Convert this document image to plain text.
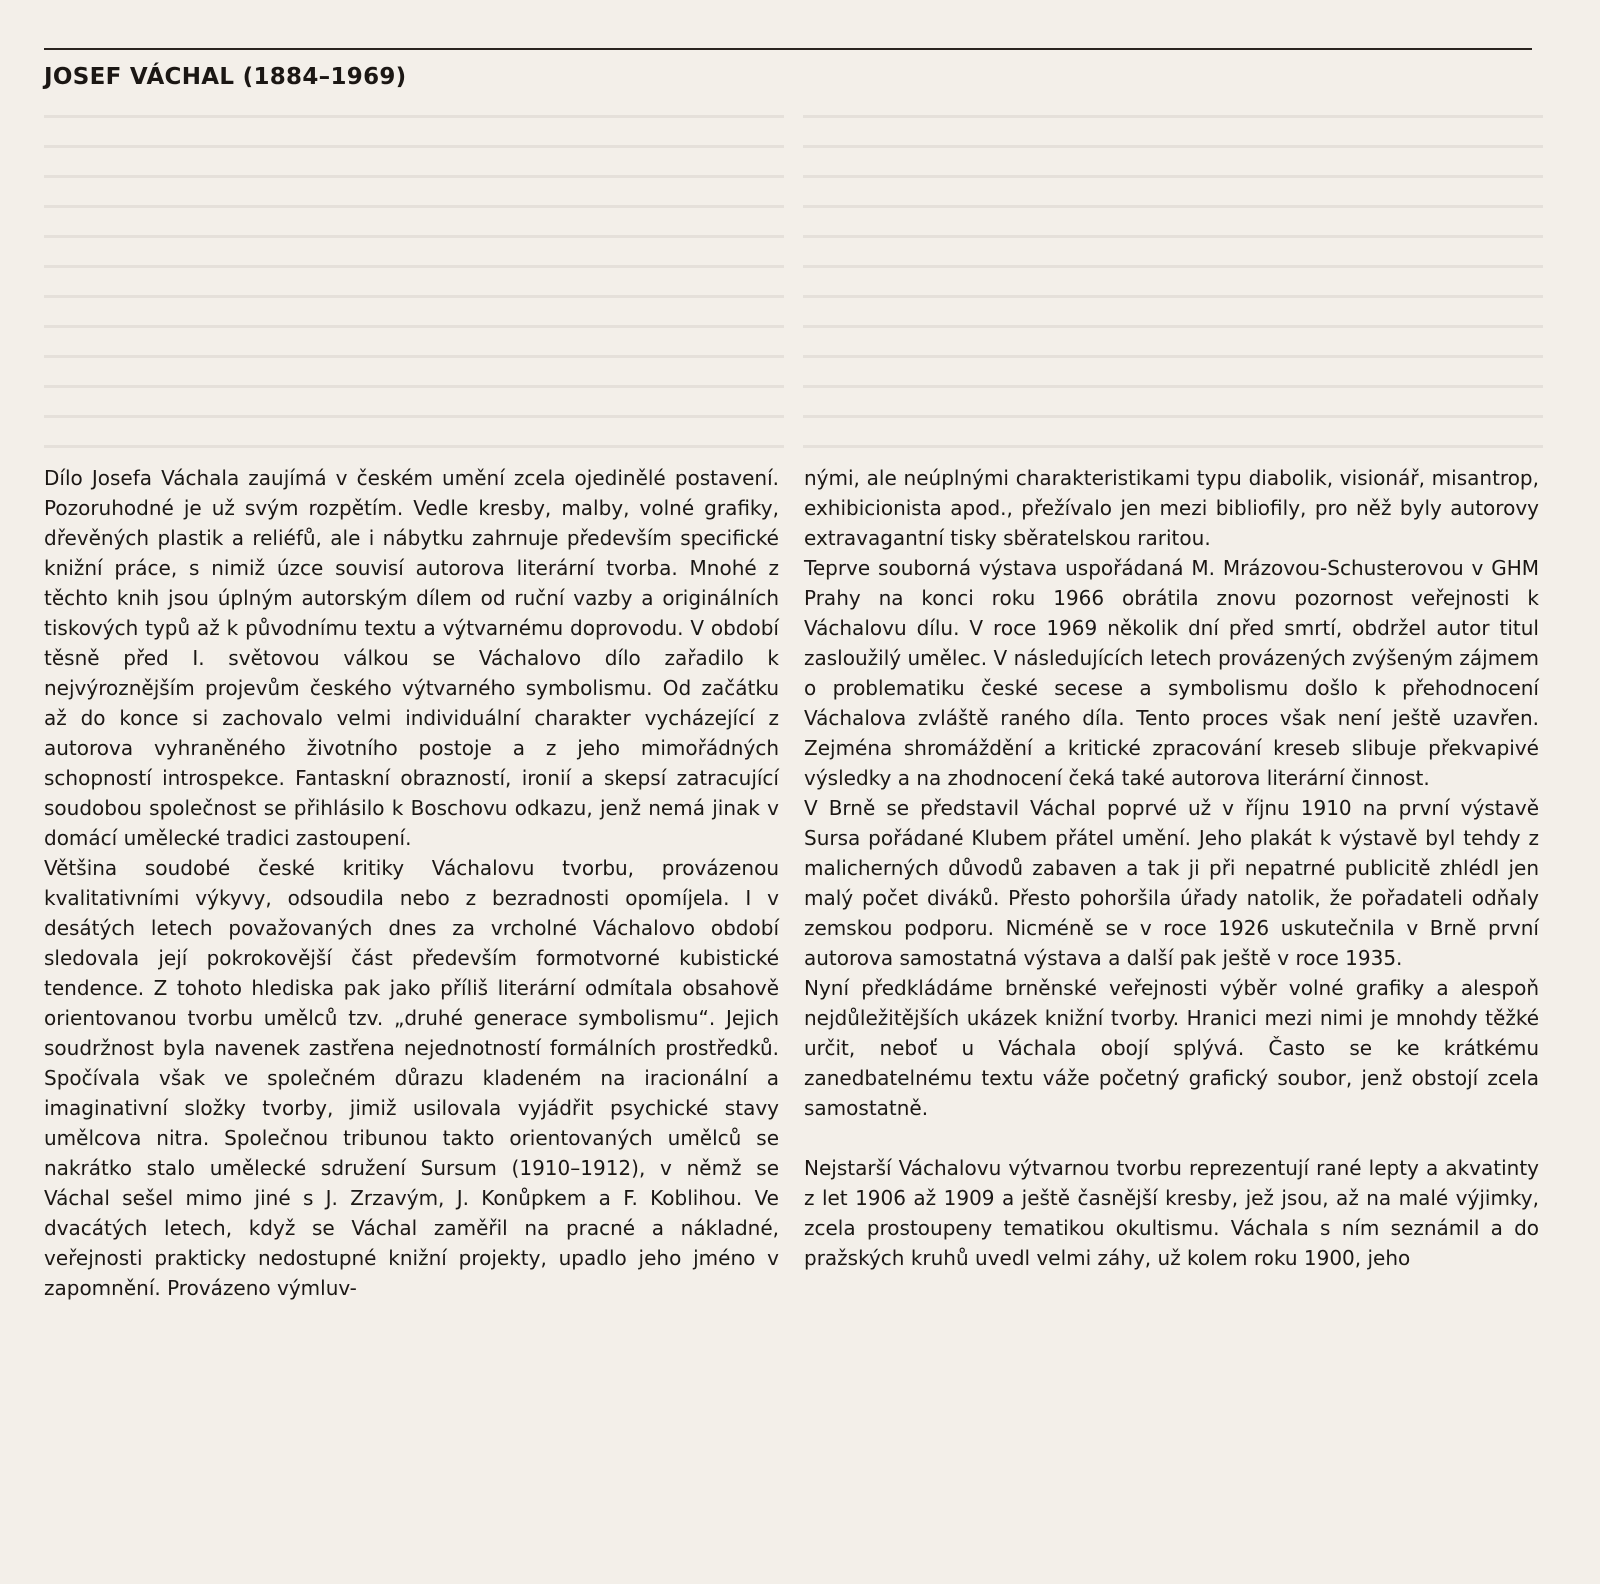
JOSEF VÁCHAL (1884–1969)

Dílo Josefa Váchala zaujímá v českém umění zcela ojedinělé postavení. Pozoruhodné je už svým rozpětím. Vedle kresby, malby, volné grafiky, dřevěných plastik a reliéfů, ale i nábytku zahrnuje především specifické knižní práce, s nimiž úzce souvisí autorova literární tvorba. Mnohé z těchto knih jsou úplným autorským dílem od ruční vazby a originálních tiskových typů až k původnímu textu a výtvarnému doprovodu. V období těsně před I. světovou válkou se Váchalovo dílo zařadilo k nejvýroznějším projevům českého výtvarného symbolismu. Od začátku až do konce si zachovalo velmi individuální charakter vycházející z autorova vyhraněného životního postoje a z jeho mimořádných schopností introspekce. Fantaskní obrazností, ironií a skepsí zatracující soudobou společnost se přihlásilo k Boschovu odkazu, jenž nemá jinak v domácí umělecké tradici zastoupení.

Většina soudobé české kritiky Váchalovu tvorbu, provázenou kvalitativními výkyvy, odsoudila nebo z bezradnosti opomíjela. I v desátých letech považovaných dnes za vrcholné Váchalovo období sledovala její pokrokovější část především formotvorné kubistické tendence. Z tohoto hlediska pak jako příliš literární odmítala obsahově orientovanou tvorbu umělců tzv. „druhé generace symbolismu“. Jejich soudržnost byla navenek zastřena nejednotností formálních prostředků. Spočívala však ve společném důrazu kladeném na iracionální a imaginativní složky tvorby, jimiž usilovala vyjádřit psychické stavy umělcova nitra. Společnou tribunou takto orientovaných umělců se nakrátko stalo umělecké sdružení Sursum (1910–1912), v němž se Váchal sešel mimo jiné s J. Zrzavým, J. Konůpkem a F. Koblihou. Ve dvacátých letech, když se Váchal zaměřil na pracné a nákladné, veřejnosti prakticky nedostupné knižní projekty, upadlo jeho jméno v zapomnění. Provázeno výmluv-

nými, ale neúplnými charakteristikami typu diabolik, visionář, misantrop, exhibicionista apod., přežívalo jen mezi bibliofily, pro něž byly autorovy extravagantní tisky sběratelskou raritou.

Teprve souborná výstava uspořádaná M. Mrázovou-Schusterovou v GHM Prahy na konci roku 1966 obrátila znovu pozornost veřejnosti k Váchalovu dílu. V roce 1969 několik dní před smrtí, obdržel autor titul zasloužilý umělec. V následujících letech provázených zvýšeným zájmem o problematiku české secese a symbolismu došlo k přehodnocení Váchalova zvláště raného díla. Tento proces však není ještě uzavřen. Zejména shromáždění a kritické zpracování kreseb slibuje překvapivé výsledky a na zhodnocení čeká také autorova literární činnost.

V Brně se představil Váchal poprvé už v říjnu 1910 na první výstavě Sursa pořádané Klubem přátel umění. Jeho plakát k výstavě byl tehdy z malicherných důvodů zabaven a tak ji při nepatrné publicitě zhlédl jen malý počet diváků. Přesto pohoršila úřady natolik, že pořadateli odňaly zemskou podporu. Nicméně se v roce 1926 uskutečnila v Brně první autorova samostatná výstava a další pak ještě v roce 1935.

Nyní předkládáme brněnské veřejnosti výběr volné grafiky a alespoň nejdůležitějších ukázek knižní tvorby. Hranici mezi nimi je mnohdy těžké určit, neboť u Váchala obojí splývá. Často se ke krátkému zanedbatelnému textu váže početný grafický soubor, jenž obstojí zcela samostatně.

Nejstarší Váchalovu výtvarnou tvorbu reprezentují rané lepty a akvatinty z let 1906 až 1909 a ještě časnější kresby, jež jsou, až na malé výjimky, zcela prostoupeny tematikou okultismu. Váchala s ním seznámil a do pražských kruhů uvedl velmi záhy, už kolem roku 1900, jeho
